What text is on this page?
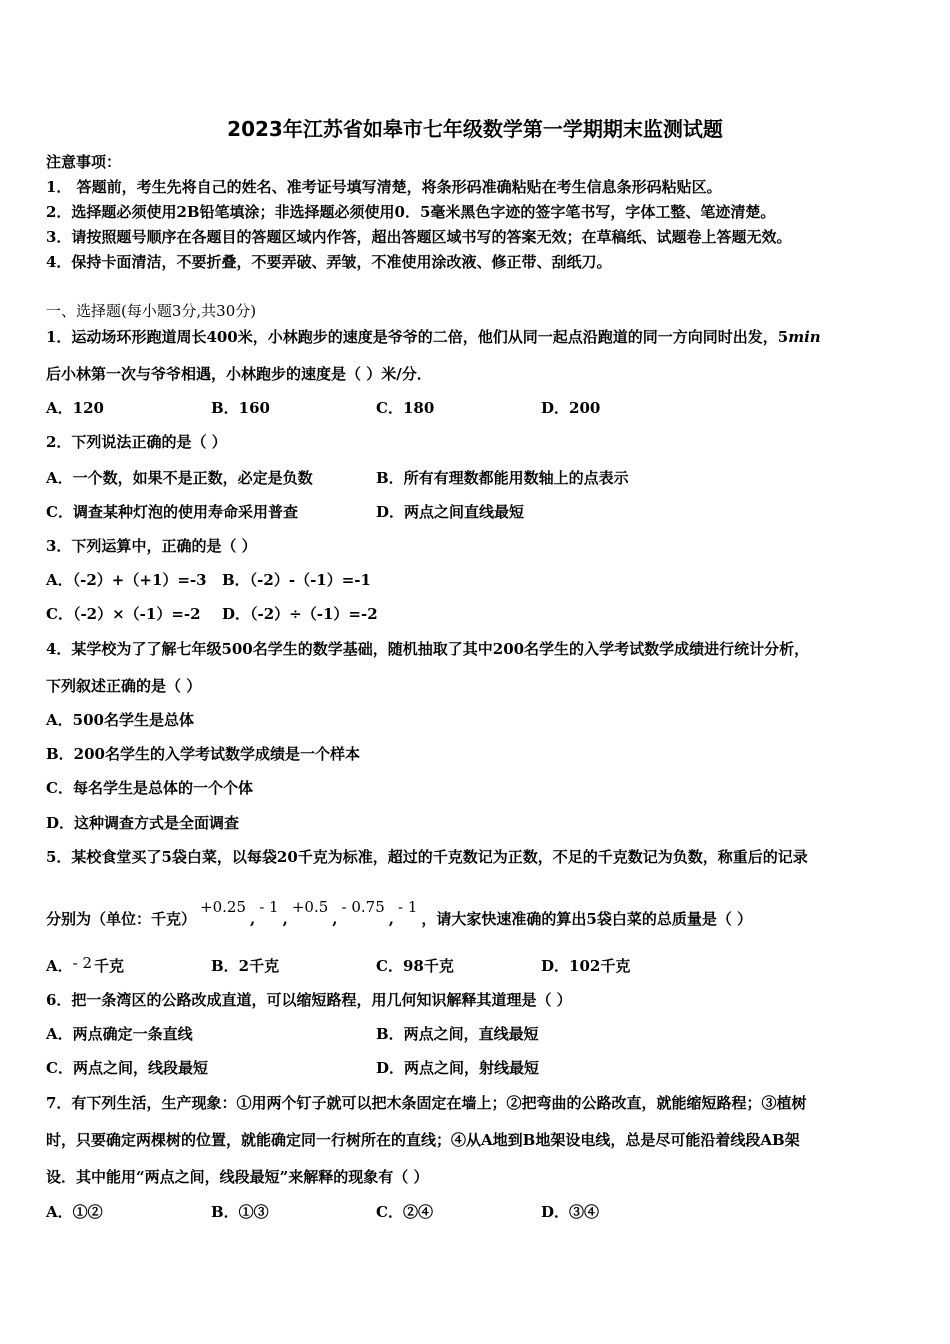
2023年江苏省如皋市七年级数学第一学期期末监测试题
注意事项：
1． 答题前，考生先将自己的姓名、准考证号填写清楚，将条形码准确粘贴在考生信息条形码粘贴区。
2．选择题必须使用2B铅笔填涂；非选择题必须使用0．5毫米黑色字迹的签字笔书写，字体工整、笔迹清楚。
3．请按照题号顺序在各题目的答题区域内作答，超出答题区域书写的答案无效；在草稿纸、试题卷上答题无效。
4．保持卡面清洁，不要折叠，不要弄破、弄皱，不准使用涂改液、修正带、刮纸刀。
一、选择题(每小题3分,共30分)
1．运动场环形跑道周长400米，小林跑步的速度是爷爷的二倍，他们从同一起点沿跑道的同一方向同时出发，5min
后小林第一次与爷爷相遇，小林跑步的速度是（ ）米/分．
A．120	B．160	C．180	D．200
2．下列说法正确的是（ ）
A．一个数，如果不是正数，必定是负数	B．所有有理数都能用数轴上的点表示
C．调查某种灯泡的使用寿命采用普查	D．两点之间直线最短
3．下列运算中，正确的是（ ）
A．（-2）+（+1）=-3 B．（-2）-（-1）=-1
C．（-2）×（-1）=-2 D．（-2）÷（-1）=-2
4．某学校为了了解七年级500名学生的数学基础，随机抽取了其中200名学生的入学考试数学成绩进行统计分析，
下列叙述正确的是（ ）
A．500名学生是总体
B．200名学生的入学考试数学成绩是一个样本
C．每名学生是总体的一个个体
D．这种调查方式是全面调查
5．某校食堂买了5袋白菜，以每袋20千克为标准，超过的千克数记为正数，不足的千克数记为负数，称重后的记录
分别为（单位：千克）+0.25,- 1,+0.5,- 0.75,- 1，请大家快速准确的算出5袋白菜的总质量是（ ）
A．- 2 千克	B．2千克	C．98千克	D．102千克
6．把一条湾区的公路改成直道，可以缩短路程，用几何知识解释其道理是（ ）
A．两点确定一条直线	B．两点之间，直线最短
C．两点之间，线段最短	D．两点之间，射线最短
7．有下列生活，生产现象：①用两个钉子就可以把木条固定在墙上；②把弯曲的公路改直，就能缩短路程；③植树
时，只要确定两棵树的位置，就能确定同一行树所在的直线；④从A地到B地架设电线，总是尽可能沿着线段AB架
设．其中能用“两点之间，线段最短”来解释的现象有（ ）
A．①②	B．①③	C．②④	D．③④
